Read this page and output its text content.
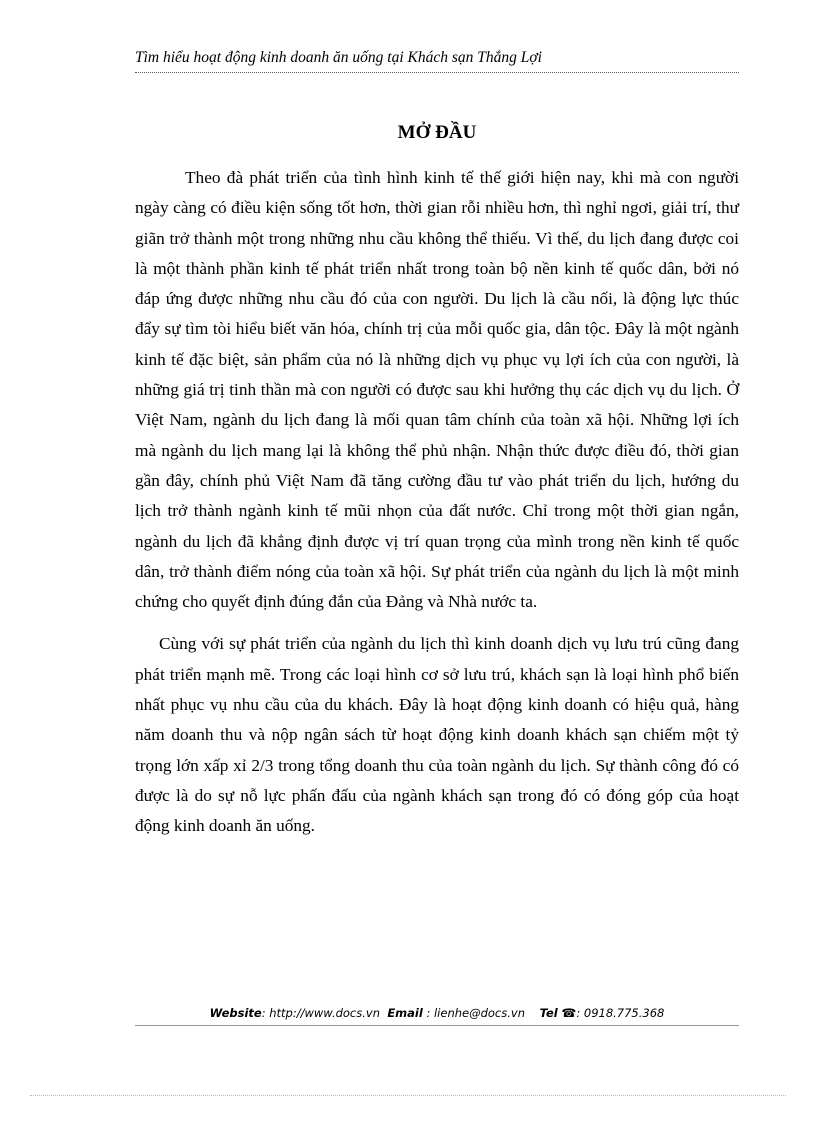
Tìm hiểu hoạt động kinh doanh ăn uống tại Khách sạn Thắng Lợi
MỞ ĐẦU

Theo đà phát triển của tình hình kinh tế thế giới hiện nay, khi mà con người ngày càng có điều kiện sống tốt hơn, thời gian rỗi nhiều hơn, thì nghỉ ngơi, giải trí, thư giãn trở thành một trong những nhu cầu không thể thiếu. Vì thế, du lịch đang được coi là một thành phần kinh tế phát triển nhất trong toàn bộ nền kinh tế quốc dân, bởi nó đáp ứng được những nhu cầu đó của con người. Du lịch là cầu nối, là động lực thúc đẩy sự tìm tòi hiểu biết văn hóa, chính trị của mỗi quốc gia, dân tộc. Đây là một ngành kinh tế đặc biệt, sản phẩm của nó là những dịch vụ phục vụ lợi ích của con người, là những giá trị tinh thần mà con người có được sau khi hưởng thụ các dịch vụ du lịch. Ở Việt Nam, ngành du lịch đang là mối quan tâm chính của toàn xã hội. Những lợi ích mà ngành du lịch mang lại là không thể phủ nhận. Nhận thức được điều đó, thời gian gần đây, chính phủ Việt Nam đã tăng cường đầu tư vào phát triển du lịch, hướng du lịch trở thành ngành kinh tế mũi nhọn của đất nước. Chỉ trong một thời gian ngắn, ngành du lịch đã khẳng định được vị trí quan trọng của mình trong nền kinh tế quốc dân, trở thành điểm nóng của toàn xã hội. Sự phát triển của ngành du lịch là một minh chứng cho quyết định đúng đắn của Đảng và Nhà nước ta.

Cùng với sự phát triển của ngành du lịch thì kinh doanh dịch vụ lưu trú cũng đang phát triển mạnh mẽ. Trong các loại hình cơ sở lưu trú, khách sạn là loại hình phổ biến nhất phục vụ nhu cầu của du khách. Đây là hoạt động kinh doanh có hiệu quả, hàng năm doanh thu và nộp ngân sách từ hoạt động kinh doanh khách sạn chiếm một tỷ trọng lớn xấp xỉ 2/3 trong tổng doanh thu của toàn ngành du lịch. Sự thành công đó có được là do sự nỗ lực phấn đấu của ngành khách sạn trong đó có đóng góp của hoạt động kinh doanh ăn uống.

Website: http://www.docs.vn Email : lienhe@docs.vn Tel ☎: 0918.775.368
